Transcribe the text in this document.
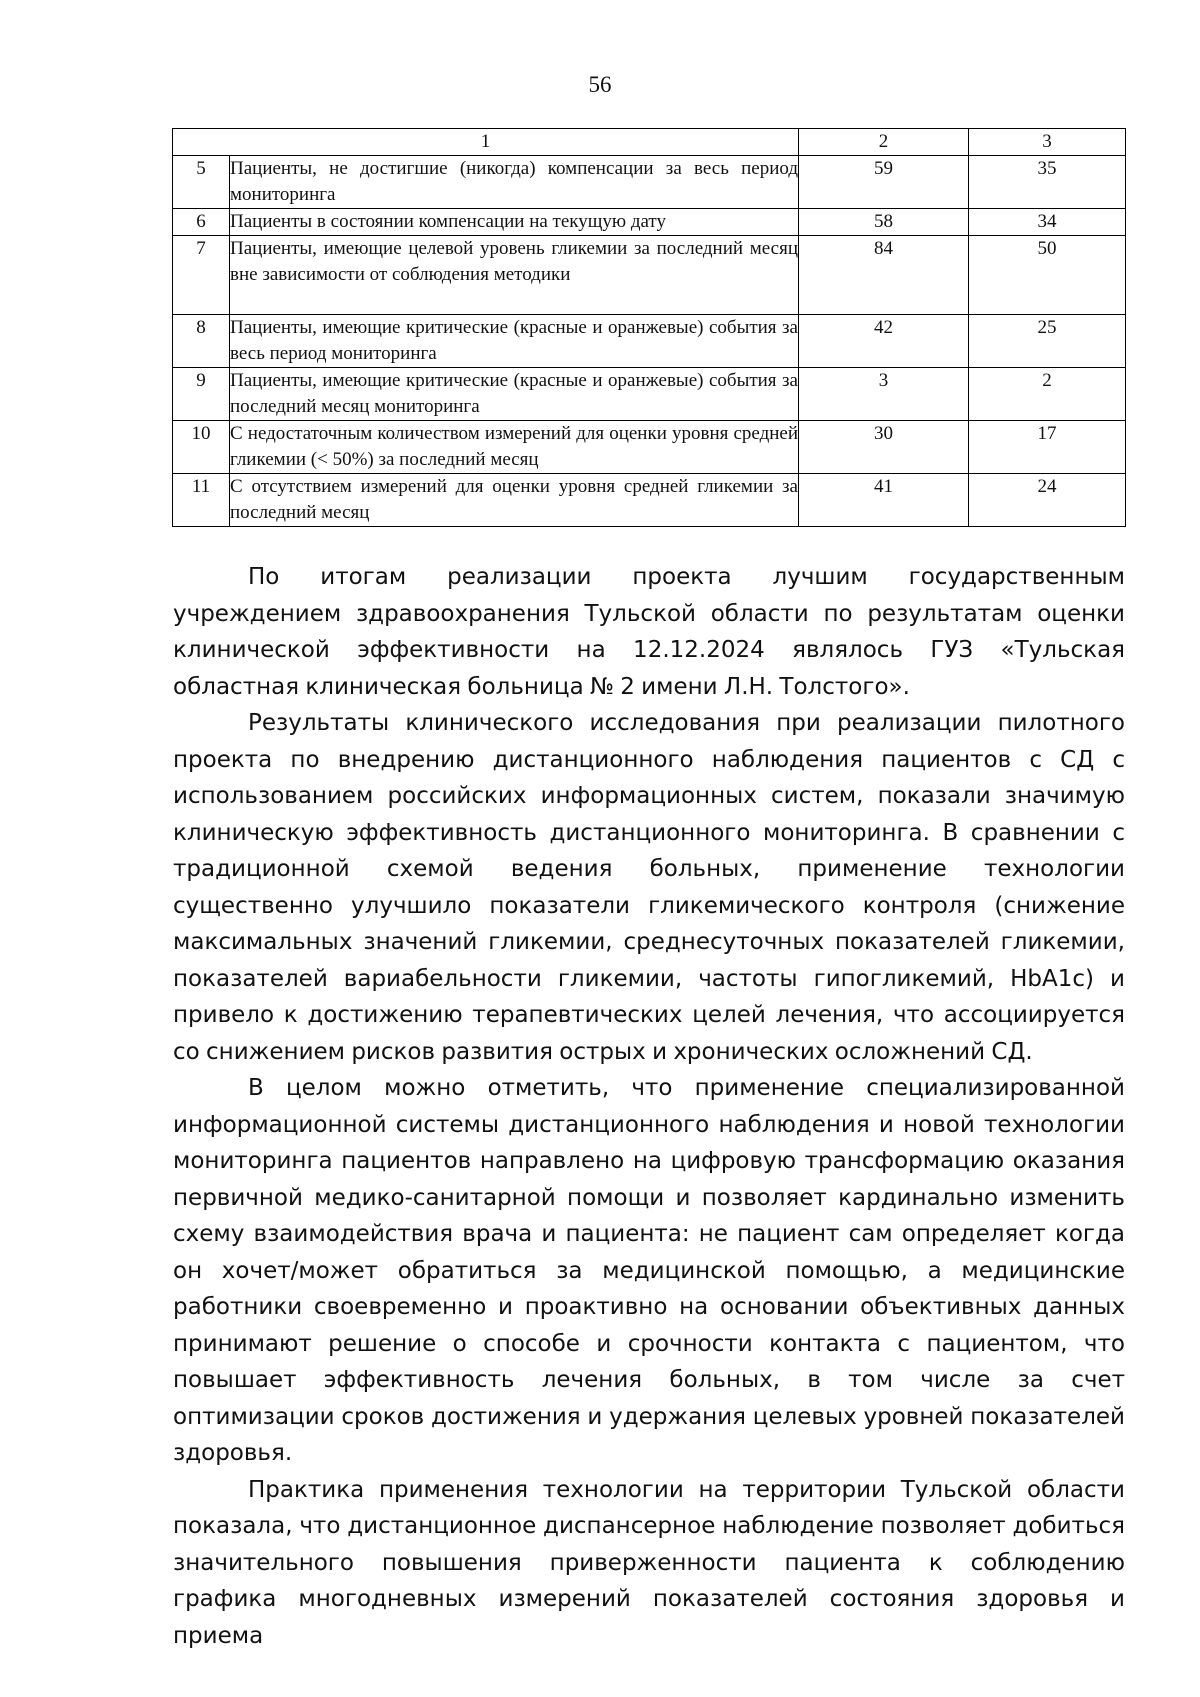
56
1		2	3
5	Пациенты, не достигшие (никогда) компенсации за весь период мониторинга	59	35
6	Пациенты в состоянии компенсации на текущую дату	58	34
7	Пациенты, имеющие целевой уровень гликемии за последний месяц вне зависимости от соблюдения методики	84	50
8	Пациенты, имеющие критические (красные и оранжевые) события за весь период мониторинга	42	25
9	Пациенты, имеющие критические (красные и оранжевые) события за последний месяц мониторинга	3	2
10	С недостаточным количеством измерений для оценки уровня средней гликемии (< 50%) за последний месяц	30	17
11	С отсутствием измерений для оценки уровня средней гликемии за последний месяц	41	24

По итогам реализации проекта лучшим государственным учреждением здравоохранения Тульской области по результатам оценки клинической эффективности на 12.12.2024 являлось ГУЗ «Тульская областная клиническая больница № 2 имени Л.Н. Толстого».

Результаты клинического исследования при реализации пилотного проекта по внедрению дистанционного наблюдения пациентов с СД с использованием российских информационных систем, показали значимую клиническую эффективность дистанционного мониторинга. В сравнении с традиционной схемой ведения больных, применение технологии существенно улучшило показатели гликемического контроля (снижение максимальных значений гликемии, среднесуточных показателей гликемии, показателей вариабельности гликемии, частоты гипогликемий, HbA1c) и привело к достижению терапевтических целей лечения, что ассоциируется со снижением рисков развития острых и хронических осложнений СД.

В целом можно отметить, что применение специализированной информационной системы дистанционного наблюдения и новой технологии мониторинга пациентов направлено на цифровую трансформацию оказания первичной медико-санитарной помощи и позволяет кардинально изменить схему взаимодействия врача и пациента: не пациент сам определяет когда он хочет/может обратиться за медицинской помощью, а медицинские работники своевременно и проактивно на основании объективных данных принимают решение о способе и срочности контакта с пациентом, что повышает эффективность лечения больных, в том числе за счет оптимизации сроков достижения и удержания целевых уровней показателей здоровья.

Практика применения технологии на территории Тульской области показала, что дистанционное диспансерное наблюдение позволяет добиться значительного повышения приверженности пациента к соблюдению графика многодневных измерений показателей состояния здоровья и приема
